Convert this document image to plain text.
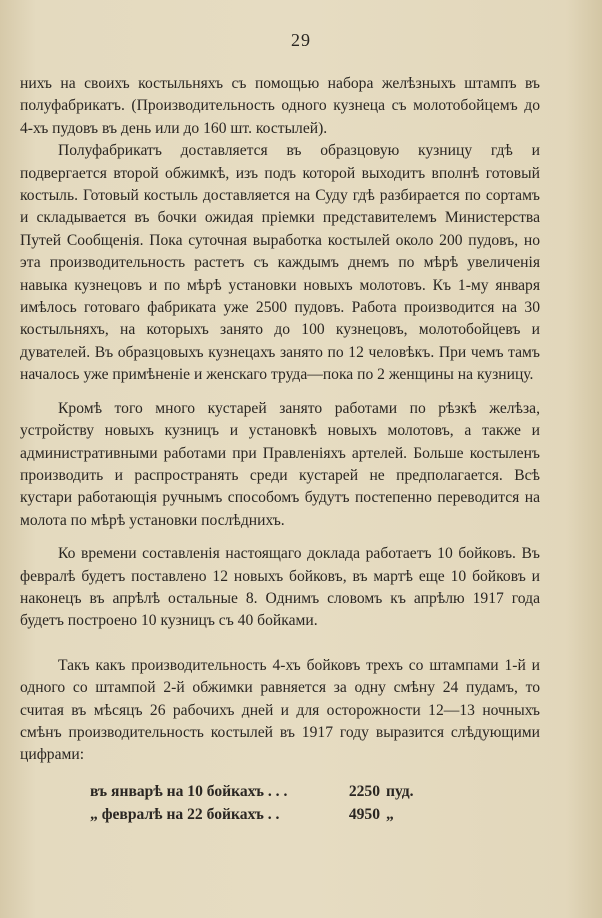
29

нихъ на своихъ костыльняхъ съ помощью набора желѣзныхъ штампъ въ полуфабрикатъ. (Производительность одного кузнеца съ молотобойцемъ до 4-хъ пудовъ въ день или до 160 шт. костылей).

Полуфабрикатъ доставляется въ образцовую кузницу гдѣ и подвергается второй обжимкѣ, изъ подъ которой выходитъ вполнѣ готовый костыль. Готовый костыль доставляется на Суду гдѣ разбирается по сортамъ и складывается въ бочки ожидая пріемки представителемъ Министерства Путей Сообщенія. Пока суточная выработка костылей около 200 пудовъ, но эта производительность растетъ съ каждымъ днемъ по мѣрѣ увеличенія навыка кузнецовъ и по мѣрѣ установки новыхъ молотовъ. Къ 1-му января имѣлось готоваго фабриката уже 2500 пудовъ. Работа производится на 30 костыльняхъ, на которыхъ занято до 100 кузнецовъ, молотобойцевъ и дувателей. Въ образцовыхъ кузнецахъ занято по 12 человѣкъ. При чемъ тамъ началось уже примѣненіе и женскаго труда—пока по 2 женщины на кузницу.

Кромѣ того много кустарей занято работами по рѣзкѣ желѣза, устройству новыхъ кузницъ и установкѣ новыхъ молотовъ, а также и административными работами при Правленіяхъ артелей. Больше костыленъ производить и распространять среди кустарей не предполагается. Всѣ кустари работающія ручнымъ способомъ будутъ постепенно переводится на молота по мѣрѣ установки послѣднихъ.

Ко времени составленія настоящаго доклада работаетъ 10 бойковъ. Въ февралѣ будетъ поставлено 12 новыхъ бойковъ, въ мартѣ еще 10 бойковъ и наконецъ въ апрѣлѣ остальные 8. Однимъ словомъ къ апрѣлю 1917 года будетъ построено 10 кузницъ съ 40 бойками.

Такъ какъ производительность 4-хъ бойковъ трехъ со штампами 1-й и одного со штампой 2-й обжимки равняется за одну смѣну 24 пудамъ, то считая въ мѣсяцъ 26 рабочихъ дней и для осторожности 12—13 ночныхъ смѣнъ производительность костылей въ 1917 году выразится слѣдующими цифрами:

въ январѣ на 10 бойкахъ . . .	2250 пуд.
„ февралѣ на 22 бойкахъ . .	4950 „
